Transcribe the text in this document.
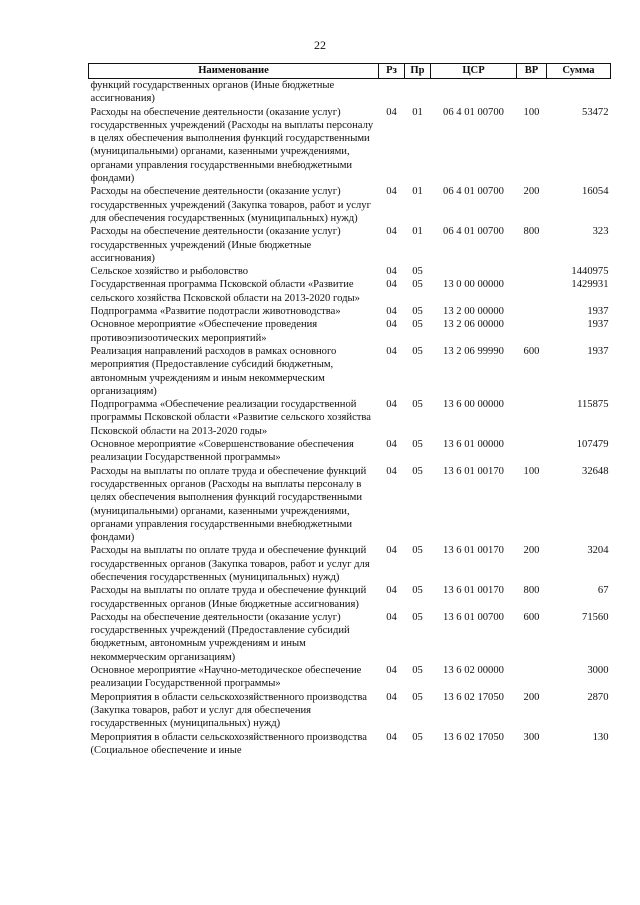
22
Наименование	Рз	Пр	ЦСР	ВР	Сумма
функций государственных органов (Иные бюджетные ассигнования)					
Расходы на обеспечение деятельности (оказание услуг) государственных учреждений (Расходы на выплаты персоналу в целях обеспечения выполнения функций государственными (муниципальными) органами, казенными учреждениями, органами управления государственными внебюджетными фондами)	04	01	06 4 01 00700	100	53472
Расходы на обеспечение деятельности (оказание услуг) государственных учреждений (Закупка товаров, работ и услуг для обеспечения государственных (муниципальных) нужд)	04	01	06 4 01 00700	200	16054
Расходы на обеспечение деятельности (оказание услуг) государственных учреждений (Иные бюджетные ассигнования)	04	01	06 4 01 00700	800	323
Сельское хозяйство и рыболовство	04	05			1440975
Государственная программа Псковской области «Развитие сельского хозяйства Псковской области на 2013-2020 годы»	04	05	13 0 00 00000		1429931
Подпрограмма «Развитие подотрасли животноводства»	04	05	13 2 00 00000		1937
Основное мероприятие «Обеспечение проведения противоэпизоотических мероприятий»	04	05	13 2 06 00000		1937
Реализация направлений расходов в рамках основного мероприятия (Предоставление субсидий бюджетным, автономным учреждениям и иным некоммерческим организациям)	04	05	13 2 06 99990	600	1937
Подпрограмма «Обеспечение реализации государственной программы Псковской области «Развитие сельского хозяйства Псковской области на 2013-2020 годы»	04	05	13 6 00 00000		115875
Основное мероприятие «Совершенствование обеспечения реализации Государственной программы»	04	05	13 6 01 00000		107479
Расходы на выплаты по оплате труда и обеспечение функций государственных органов (Расходы на выплаты персоналу в целях обеспечения выполнения функций государственными (муниципальными) органами, казенными учреждениями, органами управления государственными внебюджетными фондами)	04	05	13 6 01 00170	100	32648
Расходы на выплаты по оплате труда и обеспечение функций государственных органов (Закупка товаров, работ и услуг для обеспечения государственных (муниципальных) нужд)	04	05	13 6 01 00170	200	3204
Расходы на выплаты по оплате труда и обеспечение функций государственных органов (Иные бюджетные ассигнования)	04	05	13 6 01 00170	800	67
Расходы на обеспечение деятельности (оказание услуг) государственных учреждений (Предоставление субсидий бюджетным, автономным учреждениям и иным некоммерческим организациям)	04	05	13 6 01 00700	600	71560
Основное мероприятие «Научно-методическое обеспечение реализации Государственной программы»	04	05	13 6 02 00000		3000
Мероприятия в области сельскохозяйственного производства (Закупка товаров, работ и услуг для обеспечения государственных (муниципальных) нужд)	04	05	13 6 02 17050	200	2870
Мероприятия в области сельскохозяйственного производства (Социальное обеспечение и иные	04	05	13 6 02 17050	300	130
